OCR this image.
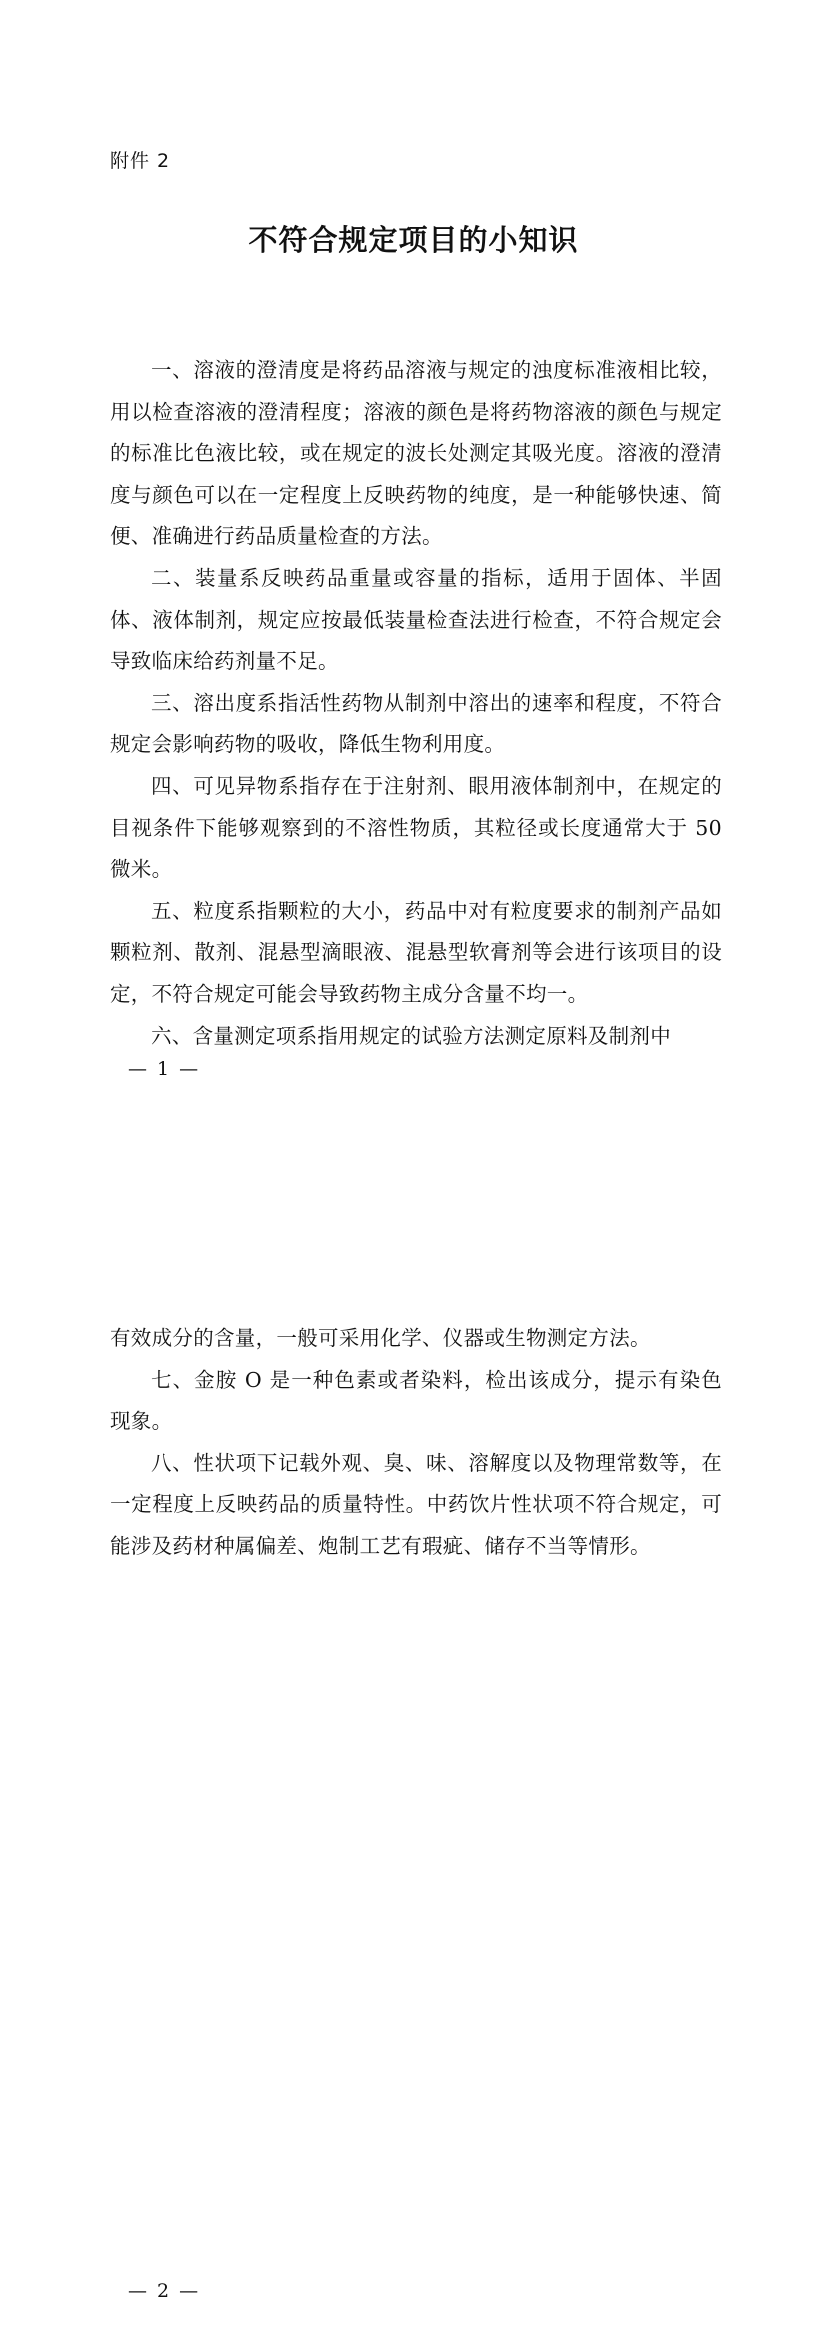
附件 2
不符合规定项目的小知识

一、溶液的澄清度是将药品溶液与规定的浊度标准液相比较，用以检查溶液的澄清程度；溶液的颜色是将药物溶液的颜色与规定的标准比色液比较，或在规定的波长处测定其吸光度。溶液的澄清度与颜色可以在一定程度上反映药物的纯度，是一种能够快速、简便、准确进行药品质量检查的方法。

二、装量系反映药品重量或容量的指标，适用于固体、半固体、液体制剂，规定应按最低装量检查法进行检查，不符合规定会导致临床给药剂量不足。

三、溶出度系指活性药物从制剂中溶出的速率和程度，不符合规定会影响药物的吸收，降低生物利用度。

四、可见异物系指存在于注射剂、眼用液体制剂中，在规定的目视条件下能够观察到的不溶性物质，其粒径或长度通常大于 50 微米。

五、粒度系指颗粒的大小，药品中对有粒度要求的制剂产品如颗粒剂、散剂、混悬型滴眼液、混悬型软膏剂等会进行该项目的设定，不符合规定可能会导致药物主成分含量不均一。

六、含量测定项系指用规定的试验方法测定原料及制剂中

— 1 —

有效成分的含量，一般可采用化学、仪器或生物测定方法。

七、金胺 O 是一种色素或者染料，检出该成分，提示有染色现象。

八、性状项下记载外观、臭、味、溶解度以及物理常数等，在一定程度上反映药品的质量特性。中药饮片性状项不符合规定，可能涉及药材种属偏差、炮制工艺有瑕疵、储存不当等情形。

— 2 —
